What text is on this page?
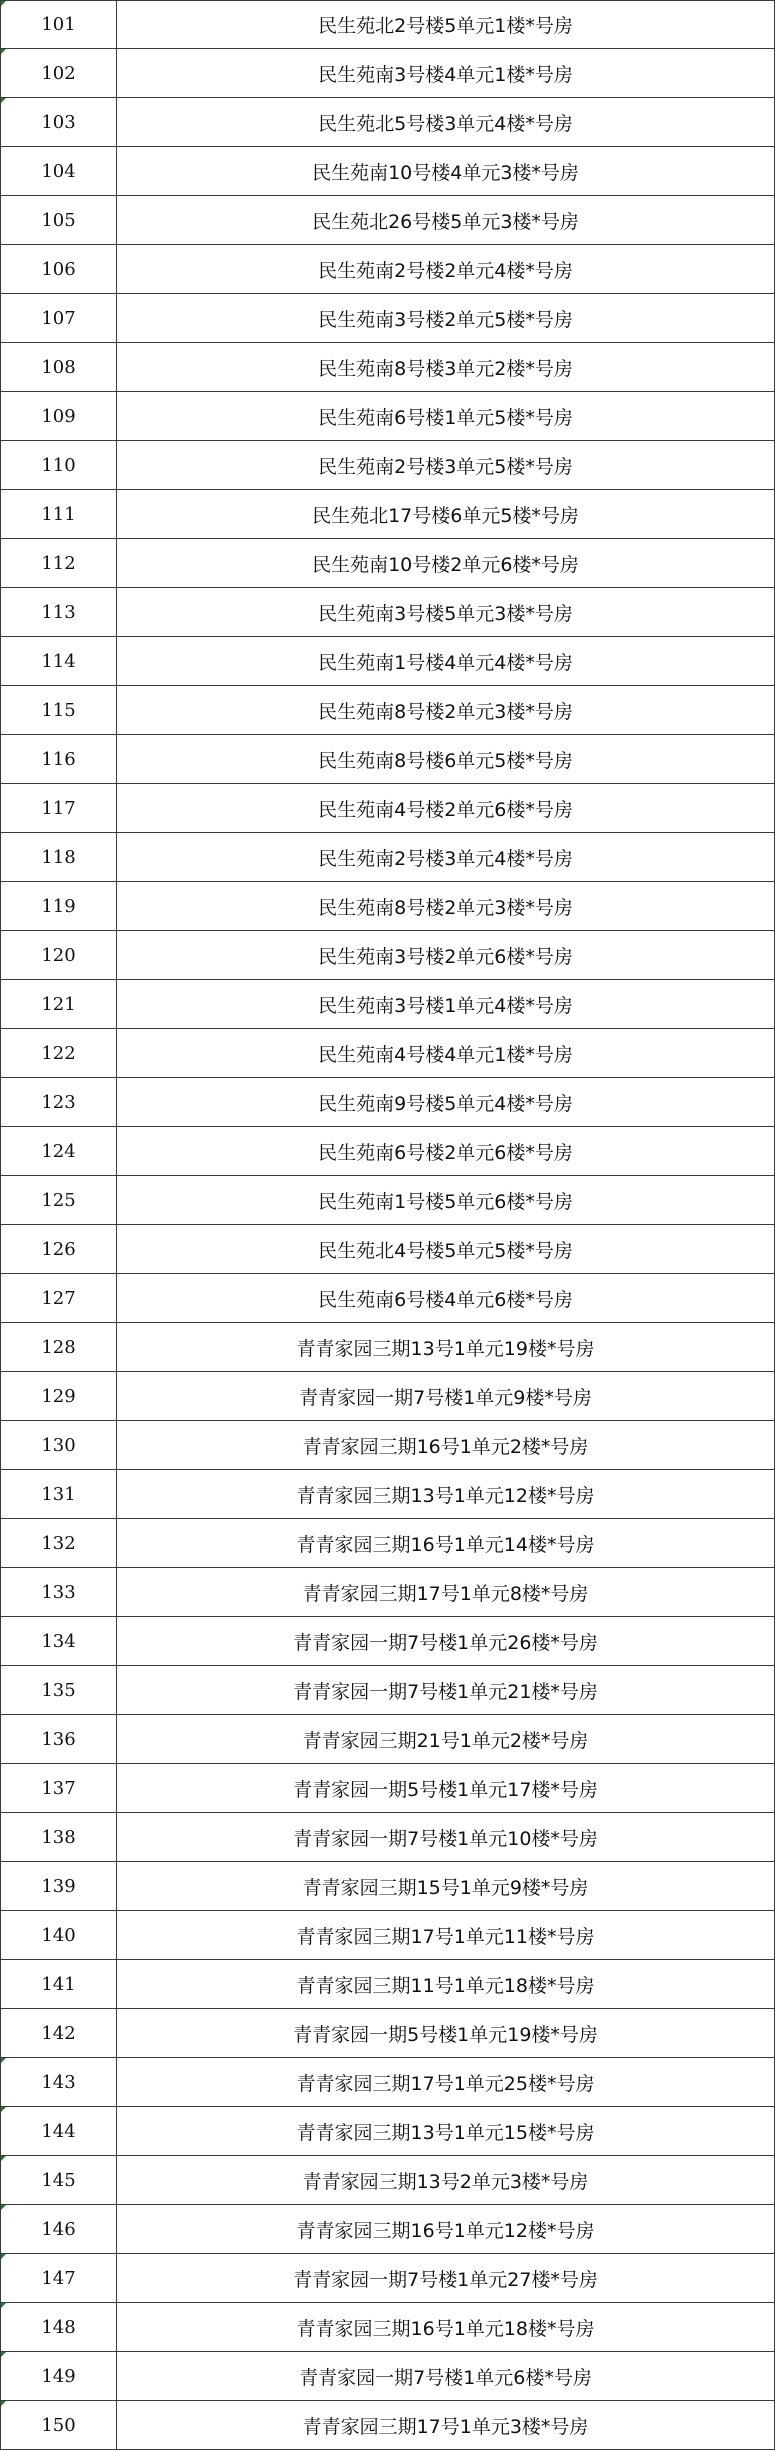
101	民生苑北2号楼5单元1楼*号房
102	民生苑南3号楼4单元1楼*号房
103	民生苑北5号楼3单元4楼*号房
104	民生苑南10号楼4单元3楼*号房
105	民生苑北26号楼5单元3楼*号房
106	民生苑南2号楼2单元4楼*号房
107	民生苑南3号楼2单元5楼*号房
108	民生苑南8号楼3单元2楼*号房
109	民生苑南6号楼1单元5楼*号房
110	民生苑南2号楼3单元5楼*号房
111	民生苑北17号楼6单元5楼*号房
112	民生苑南10号楼2单元6楼*号房
113	民生苑南3号楼5单元3楼*号房
114	民生苑南1号楼4单元4楼*号房
115	民生苑南8号楼2单元3楼*号房
116	民生苑南8号楼6单元5楼*号房
117	民生苑南4号楼2单元6楼*号房
118	民生苑南2号楼3单元4楼*号房
119	民生苑南8号楼2单元3楼*号房
120	民生苑南3号楼2单元6楼*号房
121	民生苑南3号楼1单元4楼*号房
122	民生苑南4号楼4单元1楼*号房
123	民生苑南9号楼5单元4楼*号房
124	民生苑南6号楼2单元6楼*号房
125	民生苑南1号楼5单元6楼*号房
126	民生苑北4号楼5单元5楼*号房
127	民生苑南6号楼4单元6楼*号房
128	青青家园三期13号1单元19楼*号房
129	青青家园一期7号楼1单元9楼*号房
130	青青家园三期16号1单元2楼*号房
131	青青家园三期13号1单元12楼*号房
132	青青家园三期16号1单元14楼*号房
133	青青家园三期17号1单元8楼*号房
134	青青家园一期7号楼1单元26楼*号房
135	青青家园一期7号楼1单元21楼*号房
136	青青家园三期21号1单元2楼*号房
137	青青家园一期5号楼1单元17楼*号房
138	青青家园一期7号楼1单元10楼*号房
139	青青家园三期15号1单元9楼*号房
140	青青家园三期17号1单元11楼*号房
141	青青家园三期11号1单元18楼*号房
142	青青家园一期5号楼1单元19楼*号房
143	青青家园三期17号1单元25楼*号房
144	青青家园三期13号1单元15楼*号房
145	青青家园三期13号2单元3楼*号房
146	青青家园三期16号1单元12楼*号房
147	青青家园一期7号楼1单元27楼*号房
148	青青家园三期16号1单元18楼*号房
149	青青家园一期7号楼1单元6楼*号房
150	青青家园三期17号1单元3楼*号房
